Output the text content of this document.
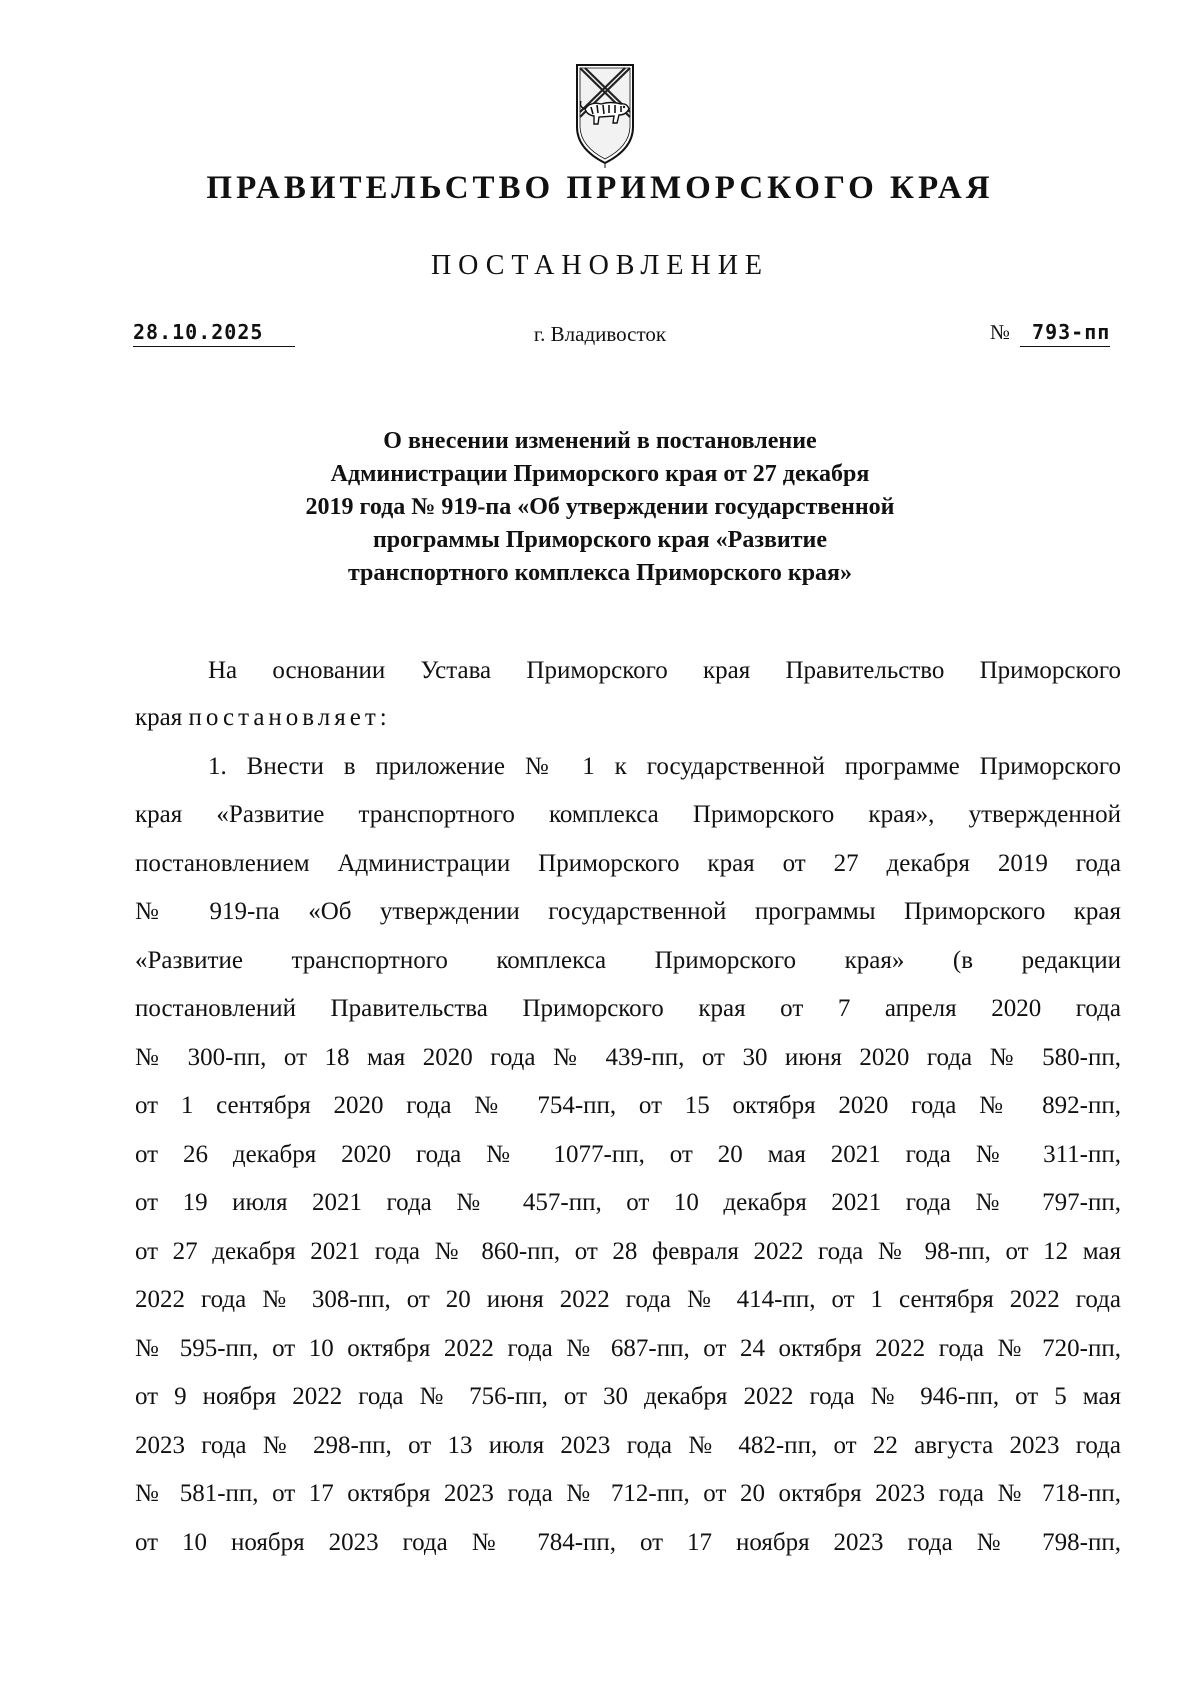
ПРАВИТЕЛЬСТВО ПРИМОРСКОГО КРАЯ
ПОСТАНОВЛЕНИЕ
28.10.2025	г. Владивосток	№ 793-пп
О внесении изменений в постановление
Администрации Приморского края от 27 декабря
2019 года № 919-па «Об утверждении государственной
программы Приморского края «Развитие
транспортного комплекса Приморского края»
На основании Устава Приморского края Правительство Приморского
края постановляет:
1. Внести в приложение № 1 к государственной программе Приморского
края «Развитие транспортного комплекса Приморского края», утвержденной
постановлением Администрации Приморского края от 27 декабря 2019 года
№ 919-па «Об утверждении государственной программы Приморского края
«Развитие транспортного комплекса Приморского края» (в редакции
постановлений Правительства Приморского края от 7 апреля 2020 года
№ 300-пп, от 18 мая 2020 года № 439-пп, от 30 июня 2020 года № 580-пп,
от 1 сентября 2020 года № 754-пп, от 15 октября 2020 года № 892-пп,
от 26 декабря 2020 года № 1077-пп, от 20 мая 2021 года № 311-пп,
от 19 июля 2021 года № 457-пп, от 10 декабря 2021 года № 797-пп,
от 27 декабря 2021 года № 860-пп, от 28 февраля 2022 года № 98-пп, от 12 мая
2022 года № 308-пп, от 20 июня 2022 года № 414-пп, от 1 сентября 2022 года
№ 595-пп, от 10 октября 2022 года № 687-пп, от 24 октября 2022 года № 720-пп,
от 9 ноября 2022 года № 756-пп, от 30 декабря 2022 года № 946-пп, от 5 мая
2023 года № 298-пп, от 13 июля 2023 года № 482-пп, от 22 августа 2023 года
№ 581-пп, от 17 октября 2023 года № 712-пп, от 20 октября 2023 года № 718-пп,
от 10 ноября 2023 года № 784-пп, от 17 ноября 2023 года № 798-пп,
